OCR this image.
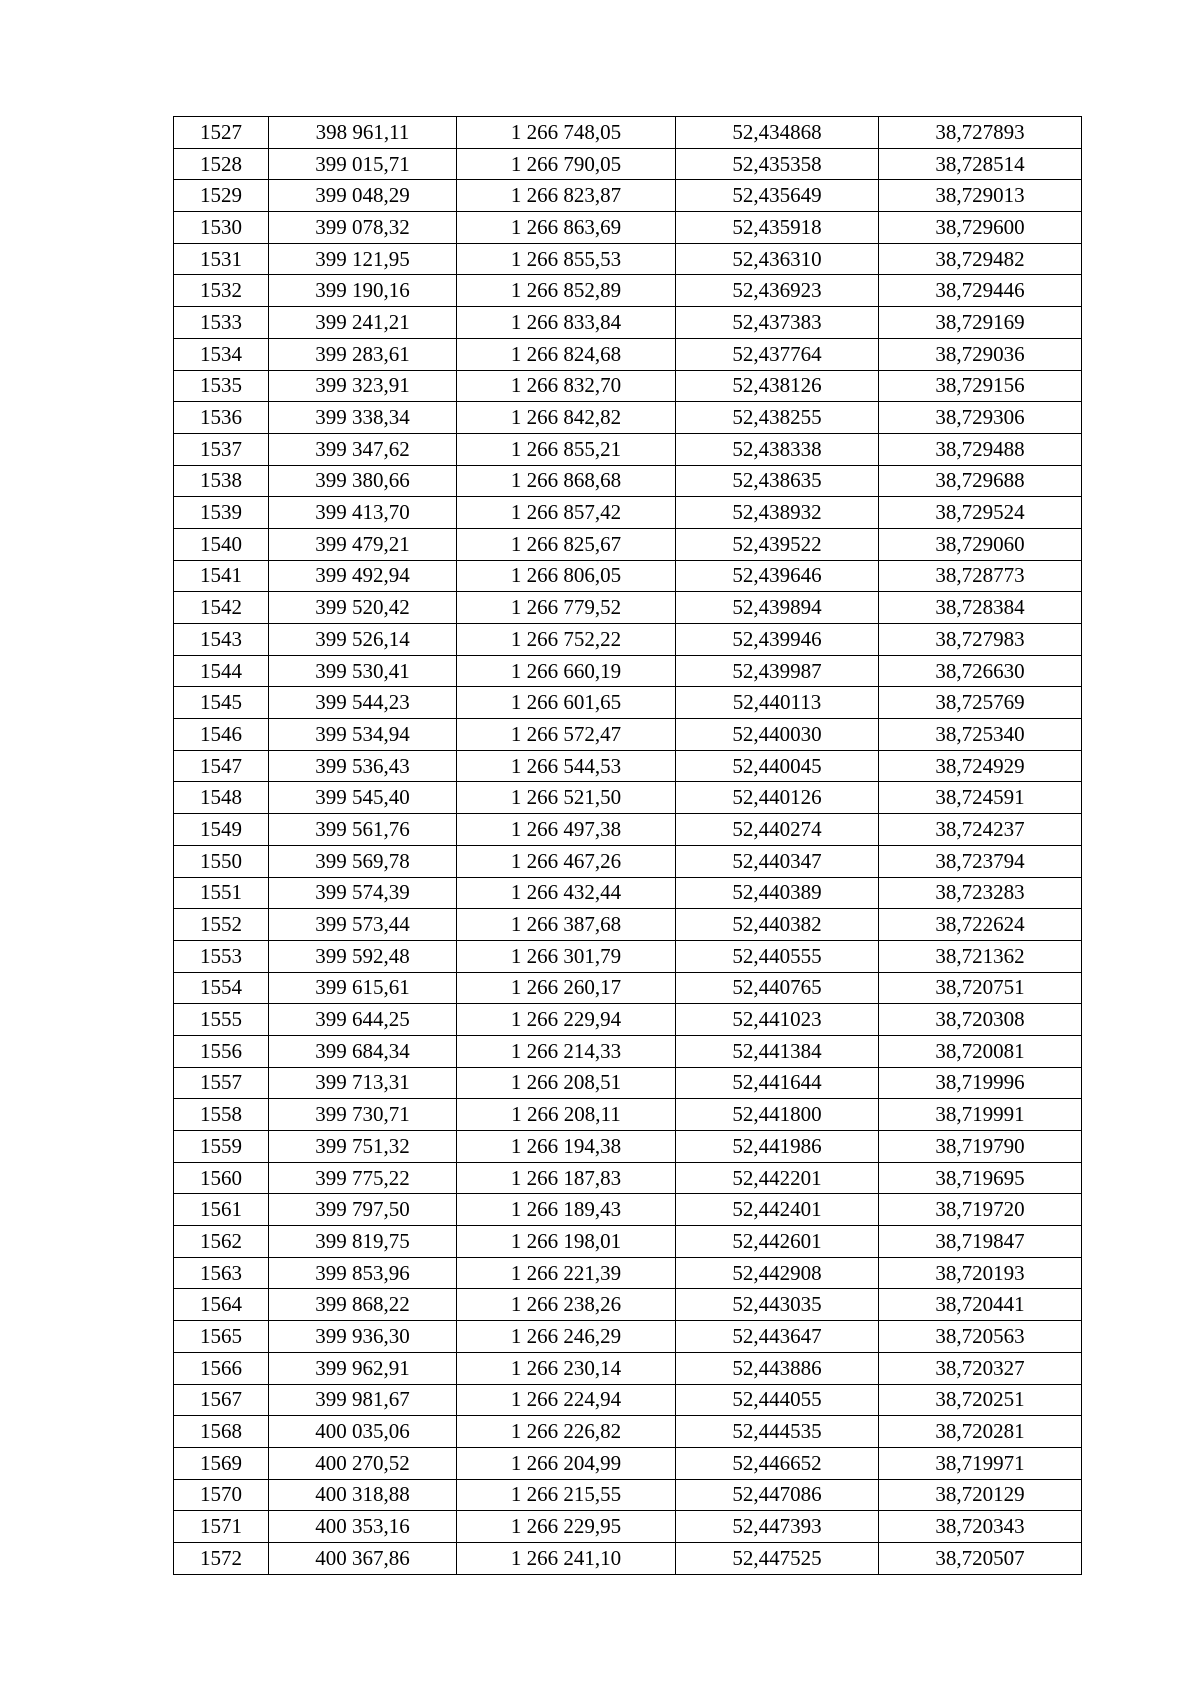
1527	398 961,11	1 266 748,05	52,434868	38,727893
1528	399 015,71	1 266 790,05	52,435358	38,728514
1529	399 048,29	1 266 823,87	52,435649	38,729013
1530	399 078,32	1 266 863,69	52,435918	38,729600
1531	399 121,95	1 266 855,53	52,436310	38,729482
1532	399 190,16	1 266 852,89	52,436923	38,729446
1533	399 241,21	1 266 833,84	52,437383	38,729169
1534	399 283,61	1 266 824,68	52,437764	38,729036
1535	399 323,91	1 266 832,70	52,438126	38,729156
1536	399 338,34	1 266 842,82	52,438255	38,729306
1537	399 347,62	1 266 855,21	52,438338	38,729488
1538	399 380,66	1 266 868,68	52,438635	38,729688
1539	399 413,70	1 266 857,42	52,438932	38,729524
1540	399 479,21	1 266 825,67	52,439522	38,729060
1541	399 492,94	1 266 806,05	52,439646	38,728773
1542	399 520,42	1 266 779,52	52,439894	38,728384
1543	399 526,14	1 266 752,22	52,439946	38,727983
1544	399 530,41	1 266 660,19	52,439987	38,726630
1545	399 544,23	1 266 601,65	52,440113	38,725769
1546	399 534,94	1 266 572,47	52,440030	38,725340
1547	399 536,43	1 266 544,53	52,440045	38,724929
1548	399 545,40	1 266 521,50	52,440126	38,724591
1549	399 561,76	1 266 497,38	52,440274	38,724237
1550	399 569,78	1 266 467,26	52,440347	38,723794
1551	399 574,39	1 266 432,44	52,440389	38,723283
1552	399 573,44	1 266 387,68	52,440382	38,722624
1553	399 592,48	1 266 301,79	52,440555	38,721362
1554	399 615,61	1 266 260,17	52,440765	38,720751
1555	399 644,25	1 266 229,94	52,441023	38,720308
1556	399 684,34	1 266 214,33	52,441384	38,720081
1557	399 713,31	1 266 208,51	52,441644	38,719996
1558	399 730,71	1 266 208,11	52,441800	38,719991
1559	399 751,32	1 266 194,38	52,441986	38,719790
1560	399 775,22	1 266 187,83	52,442201	38,719695
1561	399 797,50	1 266 189,43	52,442401	38,719720
1562	399 819,75	1 266 198,01	52,442601	38,719847
1563	399 853,96	1 266 221,39	52,442908	38,720193
1564	399 868,22	1 266 238,26	52,443035	38,720441
1565	399 936,30	1 266 246,29	52,443647	38,720563
1566	399 962,91	1 266 230,14	52,443886	38,720327
1567	399 981,67	1 266 224,94	52,444055	38,720251
1568	400 035,06	1 266 226,82	52,444535	38,720281
1569	400 270,52	1 266 204,99	52,446652	38,719971
1570	400 318,88	1 266 215,55	52,447086	38,720129
1571	400 353,16	1 266 229,95	52,447393	38,720343
1572	400 367,86	1 266 241,10	52,447525	38,720507
